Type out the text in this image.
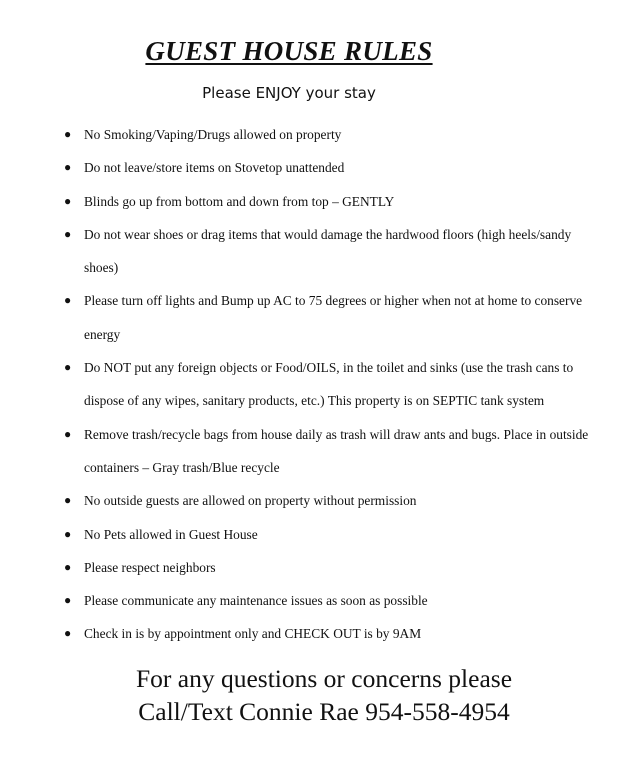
GUEST HOUSE RULES

Please ENJOY your stay

● No Smoking/Vaping/Drugs allowed on property
● Do not leave/store items on Stovetop unattended
● Blinds go up from bottom and down from top – GENTLY
● Do not wear shoes or drag items that would damage the hardwood floors (high heels/sandy shoes)
● Please turn off lights and Bump up AC to 75 degrees or higher when not at home to conserve energy
● Do NOT put any foreign objects or Food/OILS, in the toilet and sinks (use the trash cans to dispose of any wipes, sanitary products, etc.) This property is on SEPTIC tank system
● Remove trash/recycle bags from house daily as trash will draw ants and bugs. Place in outside containers – Gray trash/Blue recycle
● No outside guests are allowed on property without permission
● No Pets allowed in Guest House
● Please respect neighbors
● Please communicate any maintenance issues as soon as possible
● Check in is by appointment only and CHECK OUT is by 9AM
For any questions or concerns please
Call/Text Connie Rae 954-558-4954
